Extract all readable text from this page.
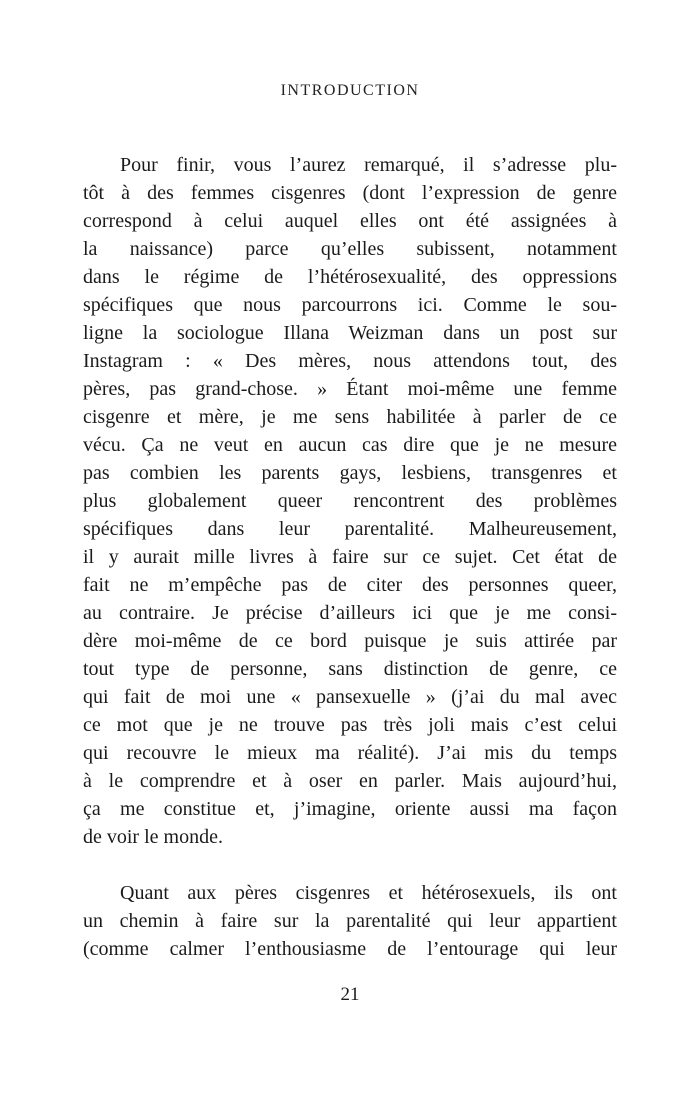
INTRODUCTION
Pour finir, vous l’aurez remarqué, il s’adresse plu-
tôt à des femmes cisgenres (dont l’expression de genre
correspond à celui auquel elles ont été assignées à
la naissance) parce qu’elles subissent, notamment
dans le régime de l’hétérosexualité, des oppressions
spécifiques que nous parcourrons ici. Comme le sou-
ligne la sociologue Illana Weizman dans un post sur
Instagram : « Des mères, nous attendons tout, des
pères, pas grand-chose. » Étant moi-même une femme
cisgenre et mère, je me sens habilitée à parler de ce
vécu. Ça ne veut en aucun cas dire que je ne mesure
pas combien les parents gays, lesbiens, transgenres et
plus globalement queer rencontrent des problèmes
spécifiques dans leur parentalité. Malheureusement,
il y aurait mille livres à faire sur ce sujet. Cet état de
fait ne m’empêche pas de citer des personnes queer,
au contraire. Je précise d’ailleurs ici que je me consi-
dère moi-même de ce bord puisque je suis attirée par
tout type de personne, sans distinction de genre, ce
qui fait de moi une « pansexuelle » (j’ai du mal avec
ce mot que je ne trouve pas très joli mais c’est celui
qui recouvre le mieux ma réalité). J’ai mis du temps
à le comprendre et à oser en parler. Mais aujourd’hui,
ça me constitue et, j’imagine, oriente aussi ma façon
de voir le monde.
Quant aux pères cisgenres et hétérosexuels, ils ont
un chemin à faire sur la parentalité qui leur appartient
(comme calmer l’enthousiasme de l’entourage qui leur
21
